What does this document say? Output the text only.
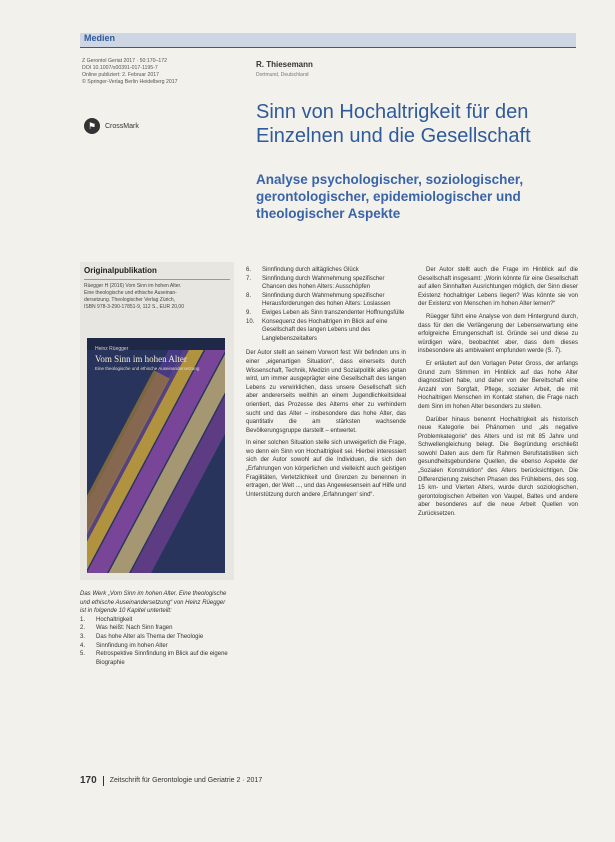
Medien
Z Gerontol Geriat 2017 · 50:170–172
DOI 10.1007/s00391-017-1195-7
Online publiziert: 2. Februar 2017
© Springer-Verlag Berlin Heidelberg 2017
⚑	CrossMark
R. Thiesemann
Dortmund, Deutschland
Sinn von Hochaltrigkeit für den Einzelnen und die Gesellschaft
Analyse psychologischer, soziologischer, gerontologischer, epidemiologischer und theologischer Aspekte
Originalpublikation
Rüegger H (2016) Vom Sinn im hohen Alter.
Eine theologische und ethische Auseinan-
dersetzung. Theologischer Verlag Zürich,
ISBN 978-3-290-17851-9, 112 S., EUR 20,00
Heinz Rüegger
Vom Sinn im hohen Alter
Eine theologische und ethische Auseinandersetzung
Das Werk „Vom Sinn im hohen Alter. Eine theologische und ethische Auseinandersetzung“ von Heinz Rüegger ist in folgende 10 Kapitel unterteilt:
1.	Hochaltrigkeit
2.	Was heißt: Nach Sinn fragen
3.	Das hohe Alter als Thema der Theologie
4.	Sinnfindung im hohen Alter
5.	Retrospektive Sinnfindung im Blick auf die eigene Biographie
6.	Sinnfindung durch alltägliches Glück
7.	Sinnfindung durch Wahrnehmung spezifischer Chancen des hohen Alters: Ausschöpfen
8.	Sinnfindung durch Wahrnehmung spezifischer Herausforderungen des hohen Alters: Loslassen
9.	Ewiges Leben als Sinn transzendenter Hoffnungsfülle
10.	Konsequenz des Hochaltrigen im Blick auf eine Gesellschaft des langen Lebens und des Langlebenszeitalters

Der Autor stellt an seinem Vorwort fest: Wir befinden uns in einer „eigenartigen Situation“, dass einerseits durch Wissenschaft, Technik, Medizin und Sozialpolitik alles getan wird, um immer ausgeprägter eine Gesellschaft des langen Lebens zu verwirklichen, dass unsere Gesellschaft sich aber andererseits weithin an einem Jugendlichkeitsideal orientiert, das Prozesse des Alterns eher zu verhindern sucht und das Alter – insbesondere das hohe Alter, das quantitativ die am stärksten wachsende Bevölkerungsgruppe darstellt – entwertet.

In einer solchen Situation stelle sich unweigerlich die Frage, wo denn ein Sinn von Hochaltrigkeit sei. Hierbei interessiert sich der Autor sowohl auf die Individuen, die sich den „Erfahrungen von körperlichen und vielleicht auch geistigen Fragilitäten, Verletzlichkeit und Grenzen zu benennen in ertragen, der Welt ..., und das Angewiesensein auf Hilfe und Unterstützung durch andere ‚Erfahrungen‘ sind“.

Der Autor stellt auch die Frage im Hinblick auf die Gesellschaft insgesamt: „Worin könnte für eine Gesellschaft auf allen Sinnhaften Ausrichtungen möglich, der Sinn dieser Existenz hochaltriger Lebens liegen? Was könnte sie von der Existenz von Menschen im hohen Alter lernen?“

Rüegger führt eine Analyse von dem Hintergrund durch, dass für den die Verlängerung der Lebenserwartung eine erfolgreiche Errungenschaft ist. Gründe sei und diese zu würdigen wäre, beobachtet aber, dass dem dieses insbesondere als ambivalent empfunden werde (S. 7).

Er erläutert auf den Vorlagen Peter Gross, der anfangs Grund zum Stimmen im Hinblick auf das hohe Alter diagnostiziert habe, und daher von der Bereitschaft eine Anzahl von Sorgfalt, Pflege, sozialer Arbeit, die mit Hochaltrigen Menschen im Kontakt stehen, die Frage nach dem Sinn im hohen Alter besonders zu stellen.

Darüber hinaus benennt Hochaltrigkeit als historisch neue Kategorie bei Phänomen und „als negative Problemkategorie“ des Alters und ist mit 85 Jahre und Schwellengleichung belegt. Die Begründung erschließt sowohl Daten aus dem für Rahmen Berufstatistiken sich gesundheitsgebundene Quellen, die ebenso Aspekte der „Sozialen Konstruktion“ des Alters berücksichtigen. Die Differenzierung zwischen Phasen des Frühlebens, des sog. 15 km- und Vierten Alters, wurde durch soziologischen, gerontologischen Arbeiten von Vaupel, Baltes und andere aber besonderes auf die neue Arbeit Quellen von Zurücksetzen.

170 Zeitschrift für Gerontologie und Geriatrie 2 · 2017
